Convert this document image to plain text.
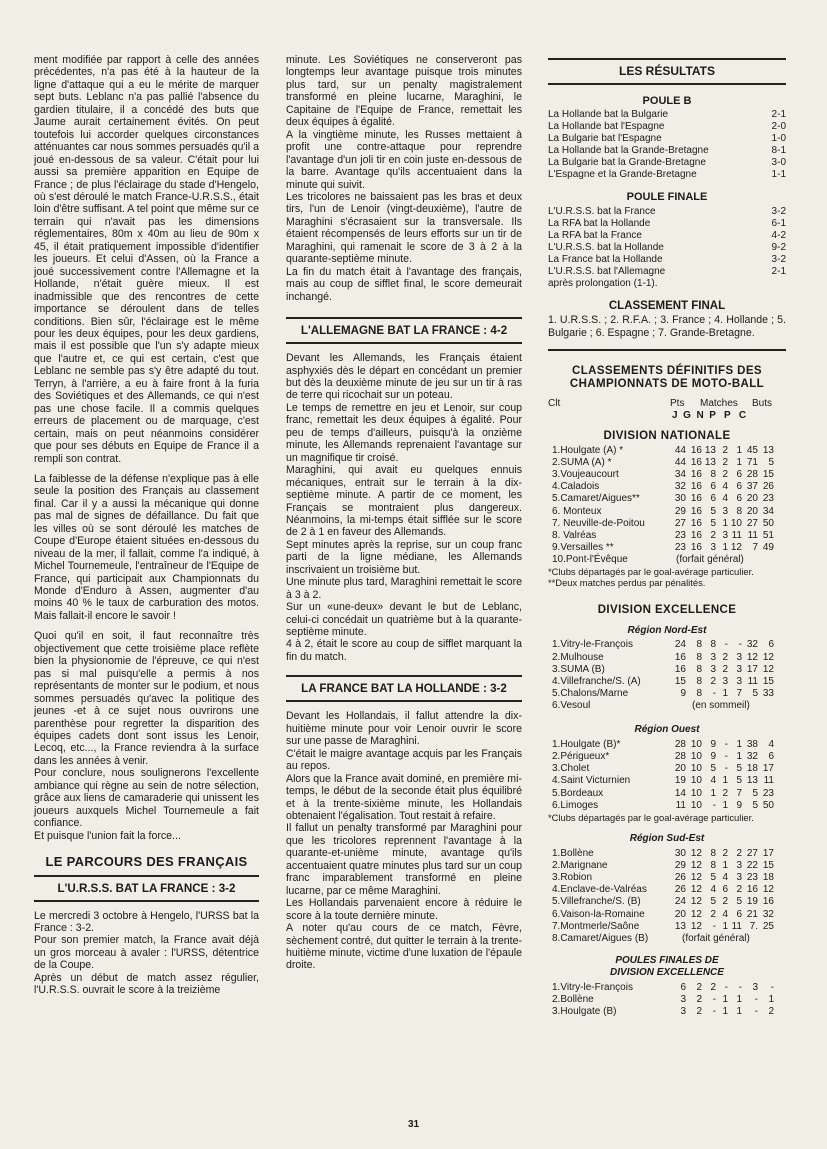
ment modifiée par rapport à celle des années précédentes, n'a pas été à la hauteur de la ligne d'attaque qui a eu le mérite de marquer sept buts. Leblanc n'a pas pallié l'absence du gardien titulaire, il a concédé des buts que Jaume aurait certainement évités. On peut toutefois lui accorder quelques circonstances atténuantes car nous sommes persuadés qu'il a joué en-dessous de sa valeur. C'était pour lui aussi sa première apparition en Equipe de France ; de plus l'éclairage du stade d'Hengelo, où s'est déroulé le match France-U.R.S.S., était loin d'être suffisant. A tel point que même sur ce terrain qui n'avait pas les dimensions réglementaires, 80m x 40m au lieu de 90m x 45, il était pratiquement impossible d'identifier les joueurs. Et celui d'Assen, où la France a joué successivement contre l'Allemagne et la Hollande, n'était guère mieux. Il est inadmissible que des rencontres de cette importance se déroulent dans de telles conditions. Bien sûr, l'éclairage est le même pour les deux équipes, pour les deux gardiens, mais il est possible que l'un s'y adapte mieux que l'autre et, ce qui est certain, c'est que Leblanc ne semble pas s'y être adapté du tout. Terryn, à l'arrière, a eu à faire front à la furia des Soviétiques et des Allemands, ce qui n'est pas une chose facile. Il a commis quelques erreurs de placement ou de marquage, c'est certain, mais on peut néanmoins considérer que pour ses débuts en Equipe de France il a rempli son contrat.

La faiblesse de la défense n'explique pas à elle seule la position des Français au classement final. Car il y a aussi la mécanique qui donne pas mal de signes de défaillance. Du fait que les villes où se sont déroulé les matches de Coupe d'Europe étaient situées en-dessous du niveau de la mer, il fallait, comme l'a indiqué, à Michel Tournemeule, l'entraîneur de l'Equipe de France, qui participait aux Championnats du Monde d'Enduro à Assen, augmenter d'au moins 40 % le taux de carburation des motos. Mais fallait-il encore le savoir !

Quoi qu'il en soit, il faut reconnaître très objectivement que cette troisième place reflète bien la physionomie de l'épreuve, ce qui n'est pas si mal puisqu'elle a permis à nos représentants de monter sur le podium, et nous sommes persuadés qu'avec la politique des jeunes -et à ce sujet nous ouvrirons une parenthèse pour regretter la disparition des équipes cadets dont sont issus les Lenoir, Lecoq, etc..., la France reviendra à la surface dans les années à venir.

Pour conclure, nous soulignerons l'excellente ambiance qui règne au sein de notre sélection, grâce aux liens de camaraderie qui unissent les joueurs auxquels Michel Tournemeule a fait confiance.

Et puisque l'union fait la force...

LE PARCOURS DES FRANÇAIS
L'U.R.S.S. BAT LA FRANCE : 3-2

Le mercredi 3 octobre à Hengelo, l'URSS bat la France : 3-2.

Pour son premier match, la France avait déjà un gros morceau à avaler : l'URSS, détentrice de la Coupe.

Après un début de match assez régulier, l'U.R.S.S. ouvrait le score à la treizième

minute. Les Soviétiques ne conserveront pas longtemps leur avantage puisque trois minutes plus tard, sur un penalty magistralement transformé en pleine lucarne, Maraghini, le Capitaine de l'Equipe de France, remettait les deux équipes à égalité.

A la vingtième minute, les Russes mettaient à profit une contre-attaque pour reprendre l'avantage d'un joli tir en coin juste en-dessous de la barre. Avantage qu'ils accentuaient dans la minute qui suivit.

Les tricolores ne baissaient pas les bras et deux tirs, l'un de Lenoir (vingt-deuxième), l'autre de Maraghini s'écrasaient sur la transversale. Ils étaient récompensés de leurs efforts sur un tir de Maraghini, qui ramenait le score de 3 à 2 à la quarante-septième minute.

La fin du match était à l'avantage des français, mais au coup de sifflet final, le score demeurait inchangé.

L'ALLEMAGNE BAT LA FRANCE : 4-2

Devant les Allemands, les Français étaient asphyxiés dès le départ en concédant un premier but dès la deuxième minute de jeu sur un tir à ras de terre qui ricochait sur un poteau.

Le temps de remettre en jeu et Lenoir, sur coup franc, remettait les deux équipes à égalité. Pour peu de temps d'ailleurs, puisqu'à la onzième minute, les Allemands reprenaient l'avantage sur un magnifique tir croisé.

Maraghini, qui avait eu quelques ennuis mécaniques, entrait sur le terrain à la dix-septième minute. A partir de ce moment, les Français se montraient plus dangereux. Néanmoins, la mi-temps était sifflée sur le score de 2 à 1 en faveur des Allemands.

Sept minutes après la reprise, sur un coup franc parti de la ligne médiane, les Allemands inscrivaient un troisième but.

Une minute plus tard, Maraghini remettait le score à 3 à 2.

Sur un «une-deux» devant le but de Leblanc, celui-ci concédait un quatrième but à la quarante-septième minute.

4 à 2, était le score au coup de sifflet marquant la fin du match.

LA FRANCE BAT LA HOLLANDE : 3-2

Devant les Hollandais, il fallut attendre la dix-huitième minute pour voir Lenoir ouvrir le score sur une passe de Maraghini.

C'était le maigre avantage acquis par les Français au repos.

Alors que la France avait dominé, en première mi-temps, le début de la seconde était plus équilibré et à la trente-sixième minute, les Hollandais obtenaient l'égalisation. Tout restait à refaire.

Il fallut un penalty transformé par Maraghini pour que les tricolores reprennent l'avantage à la quarante-et-unième minute, avantage qu'ils accentuaient quatre minutes plus tard sur un coup franc imparablement transformé en pleine lucarne, par ce même Maraghini.

Les Hollandais parvenaient encore à réduire le score à la toute dernière minute.

A noter qu'au cours de ce match, Fèvre, sèchement contré, dut quitter le terrain à la trente-huitième minute, victime d'une luxation de l'épaule droite.

LES RÉSULTATS
POULE B
La Hollande bat la Bulgarie	2-1
La Hollande bat l'Espagne	2-0
La Bulgarie bat l'Espagne	1-0
La Hollande bat la Grande-Bretagne	8-1
La Bulgarie bat la Grande-Bretagne	3-0
L'Espagne et la Grande-Bretagne	1-1
POULE FINALE
L'U.R.S.S. bat la France	3-2
La RFA bat la Hollande	6-1
La RFA bat la France	4-2
L'U.R.S.S. bat la Hollande	9-2
La France bat la Hollande	3-2
L'U.R.S.S. bat l'Allemagne	2-1
après prolongation (1-1).
CLASSEMENT FINAL

1. U.R.S.S. ; 2. R.F.A. ; 3. France ; 4. Hollande ; 5. Bulgarie ; 6. Espagne ; 7. Grande-Bretagne.

CLASSEMENTS DÉFINITIFS DES CHAMPIONNATS DE MOTO-BALL
Clt	Pts	Matches	Buts
J  G  N  P   P   C
DIVISION NATIONALE
1.Houlgate (A) *	44	16	13	2	1	45	13
2.SUMA (A) *	44	16	13	2	1	71	5
3.Voujeaucourt	34	16	8	2	6	28	15
4.Caladois	32	16	6	4	6	37	26
5.Camaret/Aigues**	30	16	6	4	6	20	23
6. Monteux	29	16	5	3	8	20	34
7. Neuville-de-Poitou	27	16	5	1	10	27	50
8. Valréas	23	16	2	3	11	11	51
9.Versailles **	23	16	3	1	12	7	49
10.Pont-l'Évêque	(forfait général)
*Clubs départagés par le goal-avérage particulier.
**Deux matches perdus par pénalités.
DIVISION EXCELLENCE
Région Nord-Est
1.Vitry-le-François	24	8	8	-	-	32	6
2.Mulhouse	16	8	3	2	3	12	12
3.SUMA (B)	16	8	3	2	3	17	12
4.Villefranche/S. (A)	15	8	2	3	3	11	15
5.Chalons/Marne	9	8	-	1	7	5	33
6.Vesoul	(en sommeil)
Région Ouest
1.Houlgate (B)*	28	10	9	-	1	38	4
2.Périgueux*	28	10	9	-	1	32	6
3.Cholet	20	10	5	-	5	18	17
4.Saint Victurnien	19	10	4	1	5	13	11
5.Bordeaux	14	10	1	2	7	5	23
6.Limoges	11	10	-	1	9	5	50
*Clubs départagés par le goal-avérage particulier.
Région Sud-Est
1.Bollène	30	12	8	2	2	27	17
2.Marignane	29	12	8	1	3	22	15
3.Robion	26	12	5	4	3	23	18
4.Enclave-de-Valréas	26	12	4	6	2	16	12
5.Villefranche/S. (B)	24	12	5	2	5	19	16
6.Vaison-la-Romaine	20	12	2	4	6	21	32
7.Montmerle/Saône	13	12	-	1	11	7.	25
8.Camaret/Aigues (B)	(forfait général)
POULES FINALES DE
DIVISION EXCELLENCE
1.Vitry-le-François	6	2	2	-	-	3	-
2.Bollène	3	2	-	1	1	-	1
3.Houlgate (B)	3	2	-	1	1	-	2
31
